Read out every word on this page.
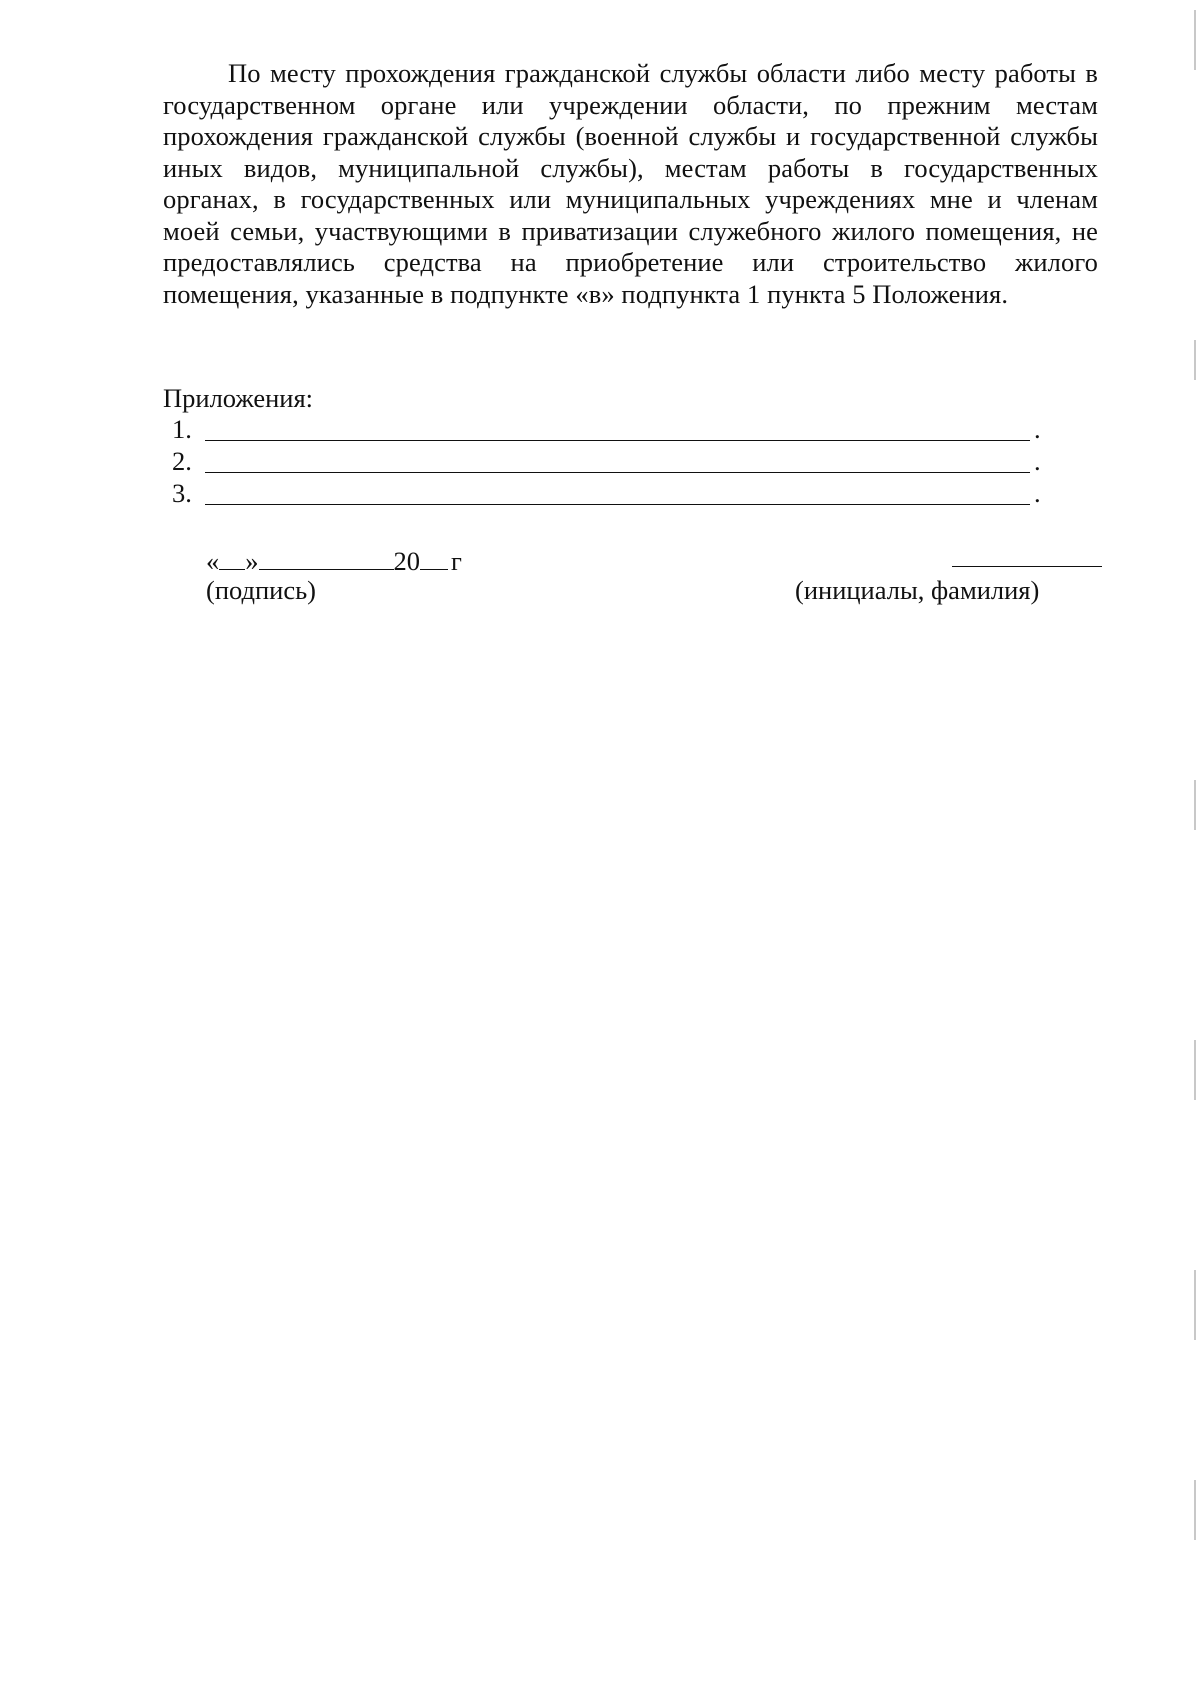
По месту прохождения гражданской службы области либо месту работы в государственном органе или учреждении области, по прежним местам прохождения гражданской службы (военной службы и государственной службы иных видов, муниципальной службы), местам работы в государственных органах, в государственных или муниципальных учреждениях мне и членам моей семьи, участвующими в приватизации служебного жилого помещения, не предоставлялись средства на приобретение или строительство жилого помещения, указанные в подпункте «в» подпункта 1 пункта 5 Положения.
Приложения:
1.	.
2.	.
3.	.
« »	20 г
(подпись)	(инициалы, фамилия)
